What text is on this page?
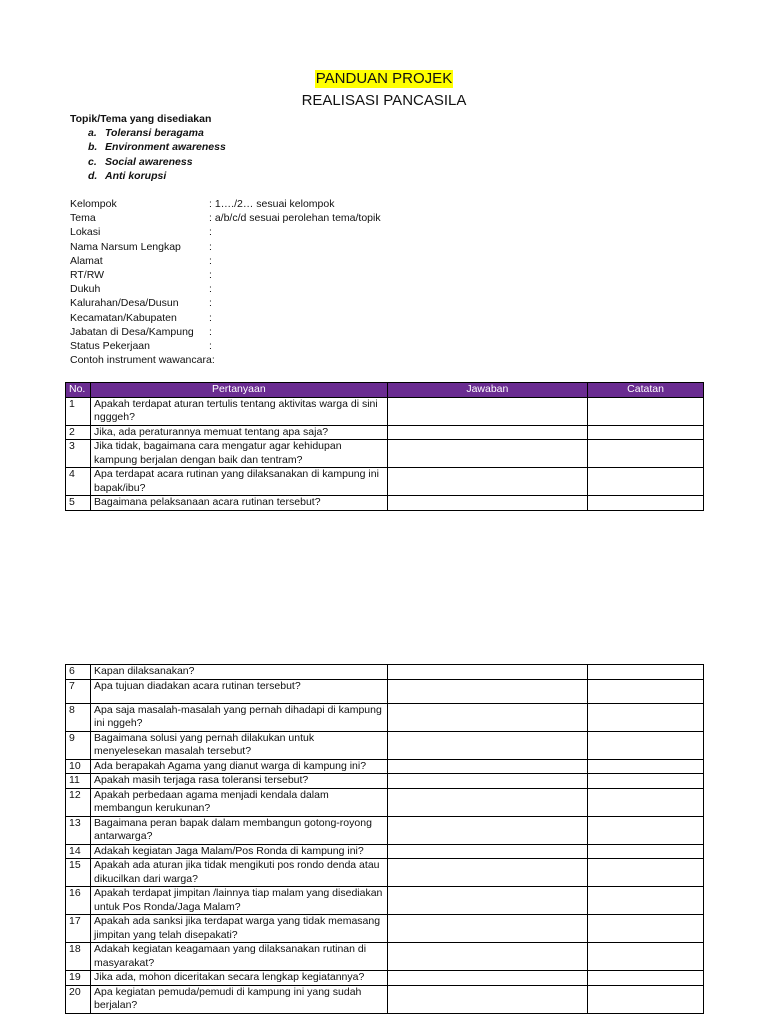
PANDUAN PROJEK
REALISASI PANCASILA
Topik/Tema yang disediakan
a. Toleransi beragama
b. Environment awareness
c. Social awareness
d. Anti korupsi
Kelompok	: 1…./2… sesuai kelompok
Tema	: a/b/c/d sesuai perolehan tema/topik
Lokasi	:
Nama Narsum Lengkap	:
Alamat	:
RT/RW	:
Dukuh	:
Kalurahan/Desa/Dusun	:
Kecamatan/Kabupaten	:
Jabatan di Desa/Kampung	:
Status Pekerjaan	:
Contoh instrument wawancara:
No.	Pertanyaan	Jawaban	Catatan
1	Apakah terdapat aturan tertulis tentang aktivitas warga di sini ngggeh?		
2	Jika, ada peraturannya memuat tentang apa saja?		
3	Jika tidak, bagaimana cara mengatur agar kehidupan kampung berjalan dengan baik dan tentram?		
4	Apa terdapat acara rutinan yang dilaksanakan di kampung ini bapak/ibu?		
5	Bagaimana pelaksanaan acara rutinan tersebut?		
6	Kapan dilaksanakan?		
7	Apa tujuan diadakan acara rutinan tersebut?		
8	Apa saja masalah-masalah yang pernah dihadapi di kampung ini nggeh?		
9	Bagaimana solusi yang pernah dilakukan untuk menyelesekan masalah tersebut?		
10	Ada berapakah Agama yang dianut warga di kampung ini?		
11	Apakah masih terjaga rasa toleransi tersebut?		
12	Apakah perbedaan agama menjadi kendala dalam membangun kerukunan?		
13	Bagaimana peran bapak dalam membangun gotong-royong antarwarga?		
14	Adakah kegiatan Jaga Malam/Pos Ronda di kampung ini?		
15	Apakah ada aturan jika tidak mengikuti pos rondo denda atau dikucilkan dari warga?		
16	Apakah terdapat jimpitan /lainnya tiap malam yang disediakan untuk Pos Ronda/Jaga Malam?		
17	Apakah ada sanksi jika terdapat warga yang tidak memasang jimpitan yang telah disepakati?		
18	Adakah kegiatan keagamaan yang dilaksanakan rutinan di masyarakat?		
19	Jika ada, mohon diceritakan secara lengkap kegiatannya?		
20	Apa kegiatan pemuda/pemudi di kampung ini yang sudah berjalan?		
